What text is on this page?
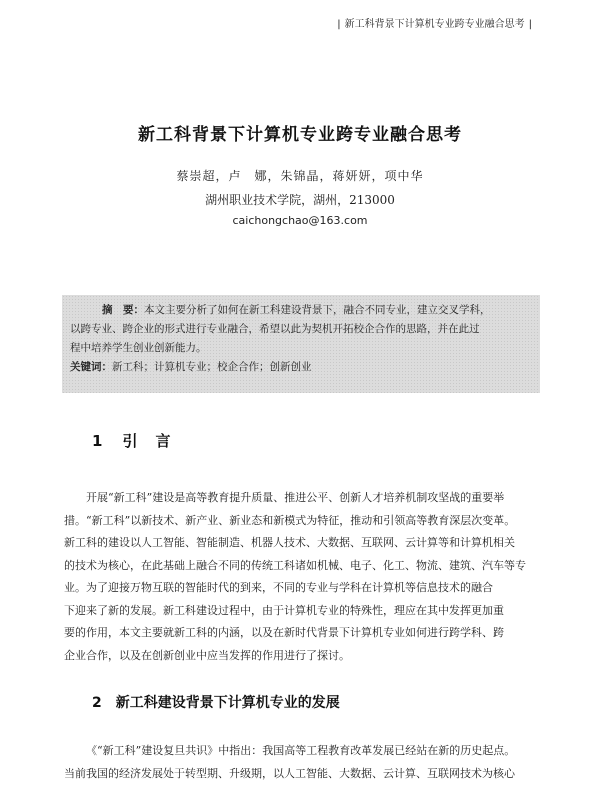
| 新工科背景下计算机专业跨专业融合思考 |
新工科背景下计算机专业跨专业融合思考
蔡崇超，卢　娜，朱锦晶，蒋妍妍，项中华
湖州职业技术学院，湖州，213000
caichongchao@163.com
摘　要：本文主要分析了如何在新工科建设背景下，融合不同专业，建立交叉学科，
以跨专业、跨企业的形式进行专业融合，希望以此为契机开拓校企合作的思路，并在此过
程中培养学生创业创新能力。
关键词：新工科；计算机专业；校企合作；创新创业
1 引言
开展“新工科”建设是高等教育提升质量、推进公平、创新人才培养机制攻坚战的重要举
措。“新工科”以新技术、新产业、新业态和新模式为特征，推动和引领高等教育深层次变革。
新工科的建设以人工智能、智能制造、机器人技术、大数据、互联网、云计算等和计算机相关
的技术为核心，在此基础上融合不同的传统工科诸如机械、电子、化工、物流、建筑、汽车等专
业。为了迎接万物互联的智能时代的到来，不同的专业与学科在计算机等信息技术的融合
下迎来了新的发展。新工科建设过程中，由于计算机专业的特殊性，理应在其中发挥更加重
要的作用，本文主要就新工科的内涵，以及在新时代背景下计算机专业如何进行跨学科、跨
企业合作，以及在创新创业中应当发挥的作用进行了探讨。
2 新工科建设背景下计算机专业的发展
《“新工科”建设复旦共识》中指出：我国高等工程教育改革发展已经站在新的历史起点。
当前我国的经济发展处于转型期、升级期，以人工智能、大数据、云计算、互联网技术为核心
